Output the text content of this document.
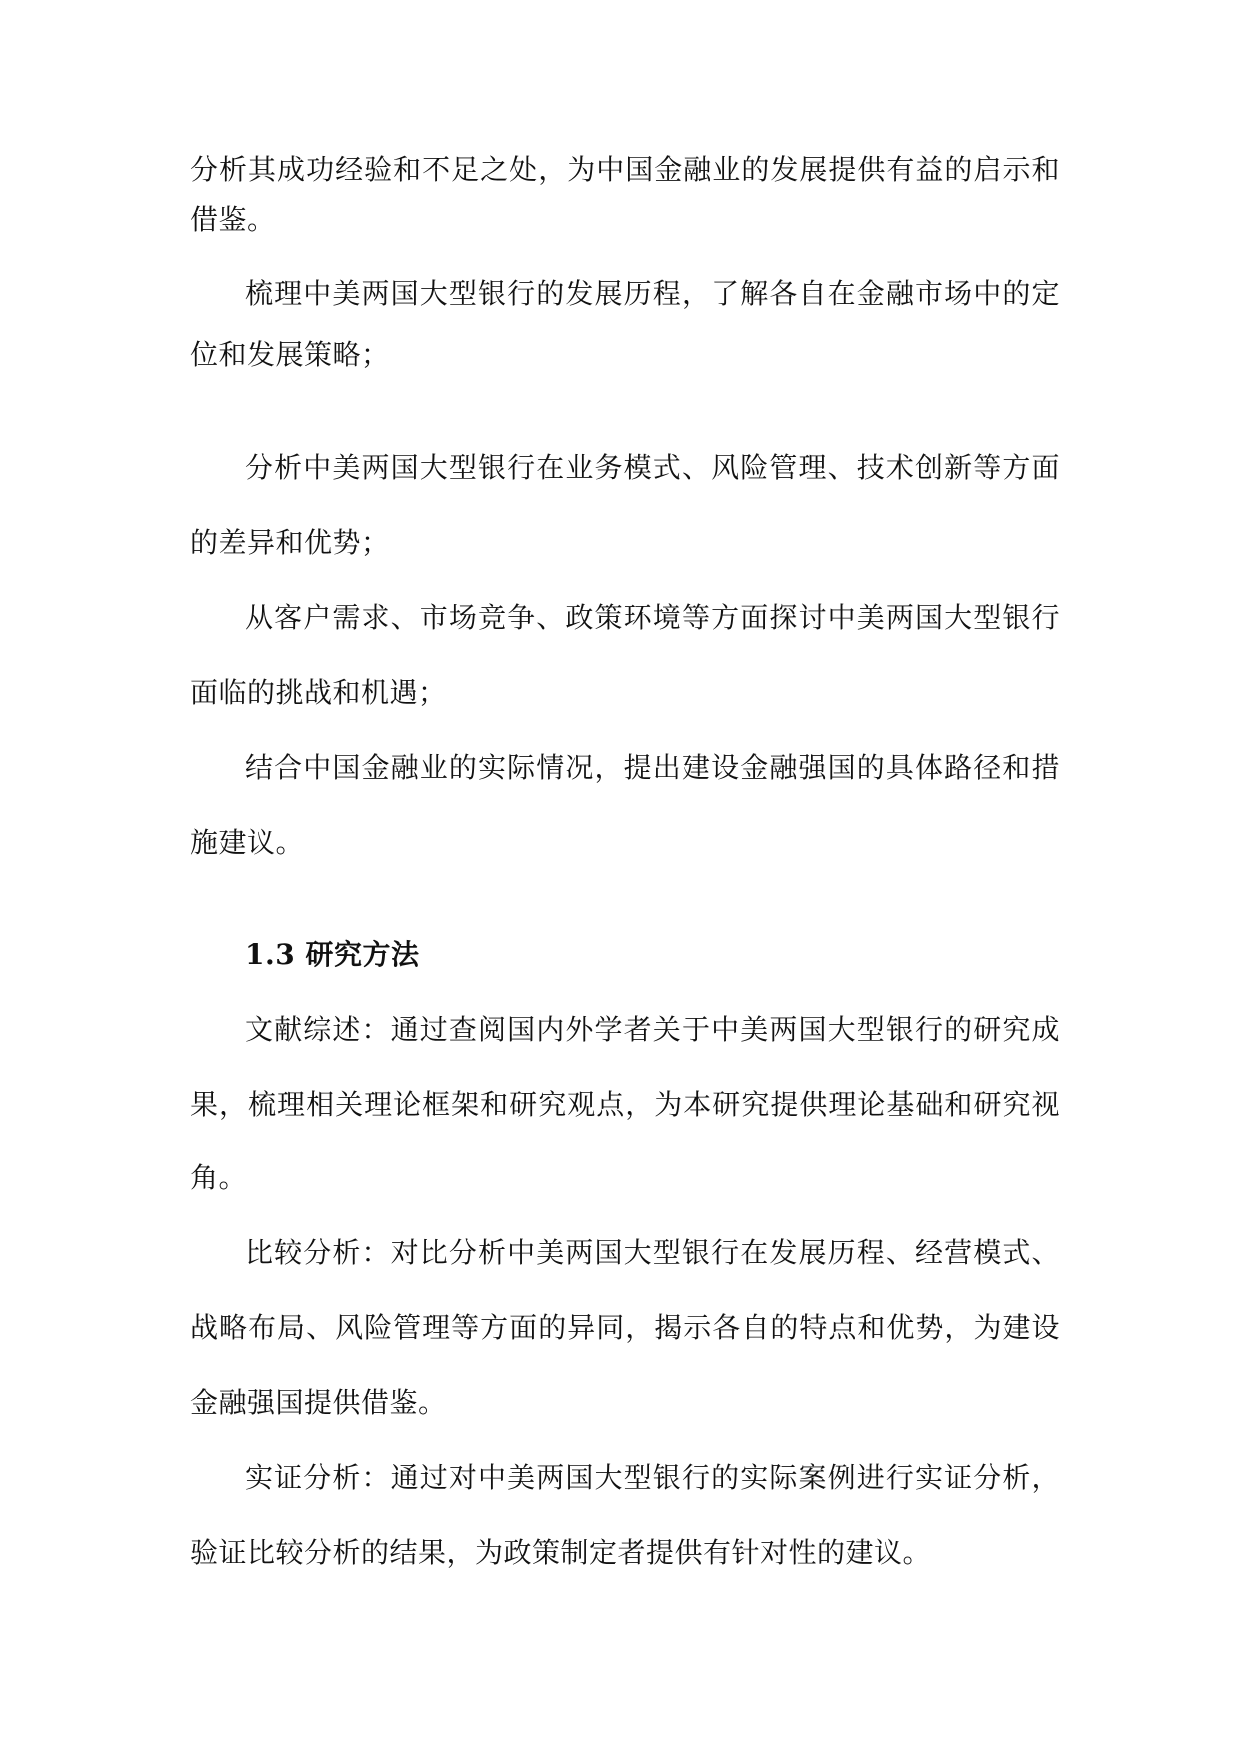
分析其成功经验和不足之处，为中国金融业的发展提供有益的启示和
借鉴。
梳理中美两国大型银行的发展历程，了解各自在金融市场中的定
位和发展策略；
分析中美两国大型银行在业务模式、风险管理、技术创新等方面
的差异和优势；
从客户需求、市场竞争、政策环境等方面探讨中美两国大型银行
面临的挑战和机遇；
结合中国金融业的实际情况，提出建设金融强国的具体路径和措
施建议。
1.3 研究方法
文献综述：通过查阅国内外学者关于中美两国大型银行的研究成
果，梳理相关理论框架和研究观点，为本研究提供理论基础和研究视
角。
比较分析：对比分析中美两国大型银行在发展历程、经营模式、
战略布局、风险管理等方面的异同，揭示各自的特点和优势，为建设
金融强国提供借鉴。
实证分析：通过对中美两国大型银行的实际案例进行实证分析，
验证比较分析的结果，为政策制定者提供有针对性的建议。
